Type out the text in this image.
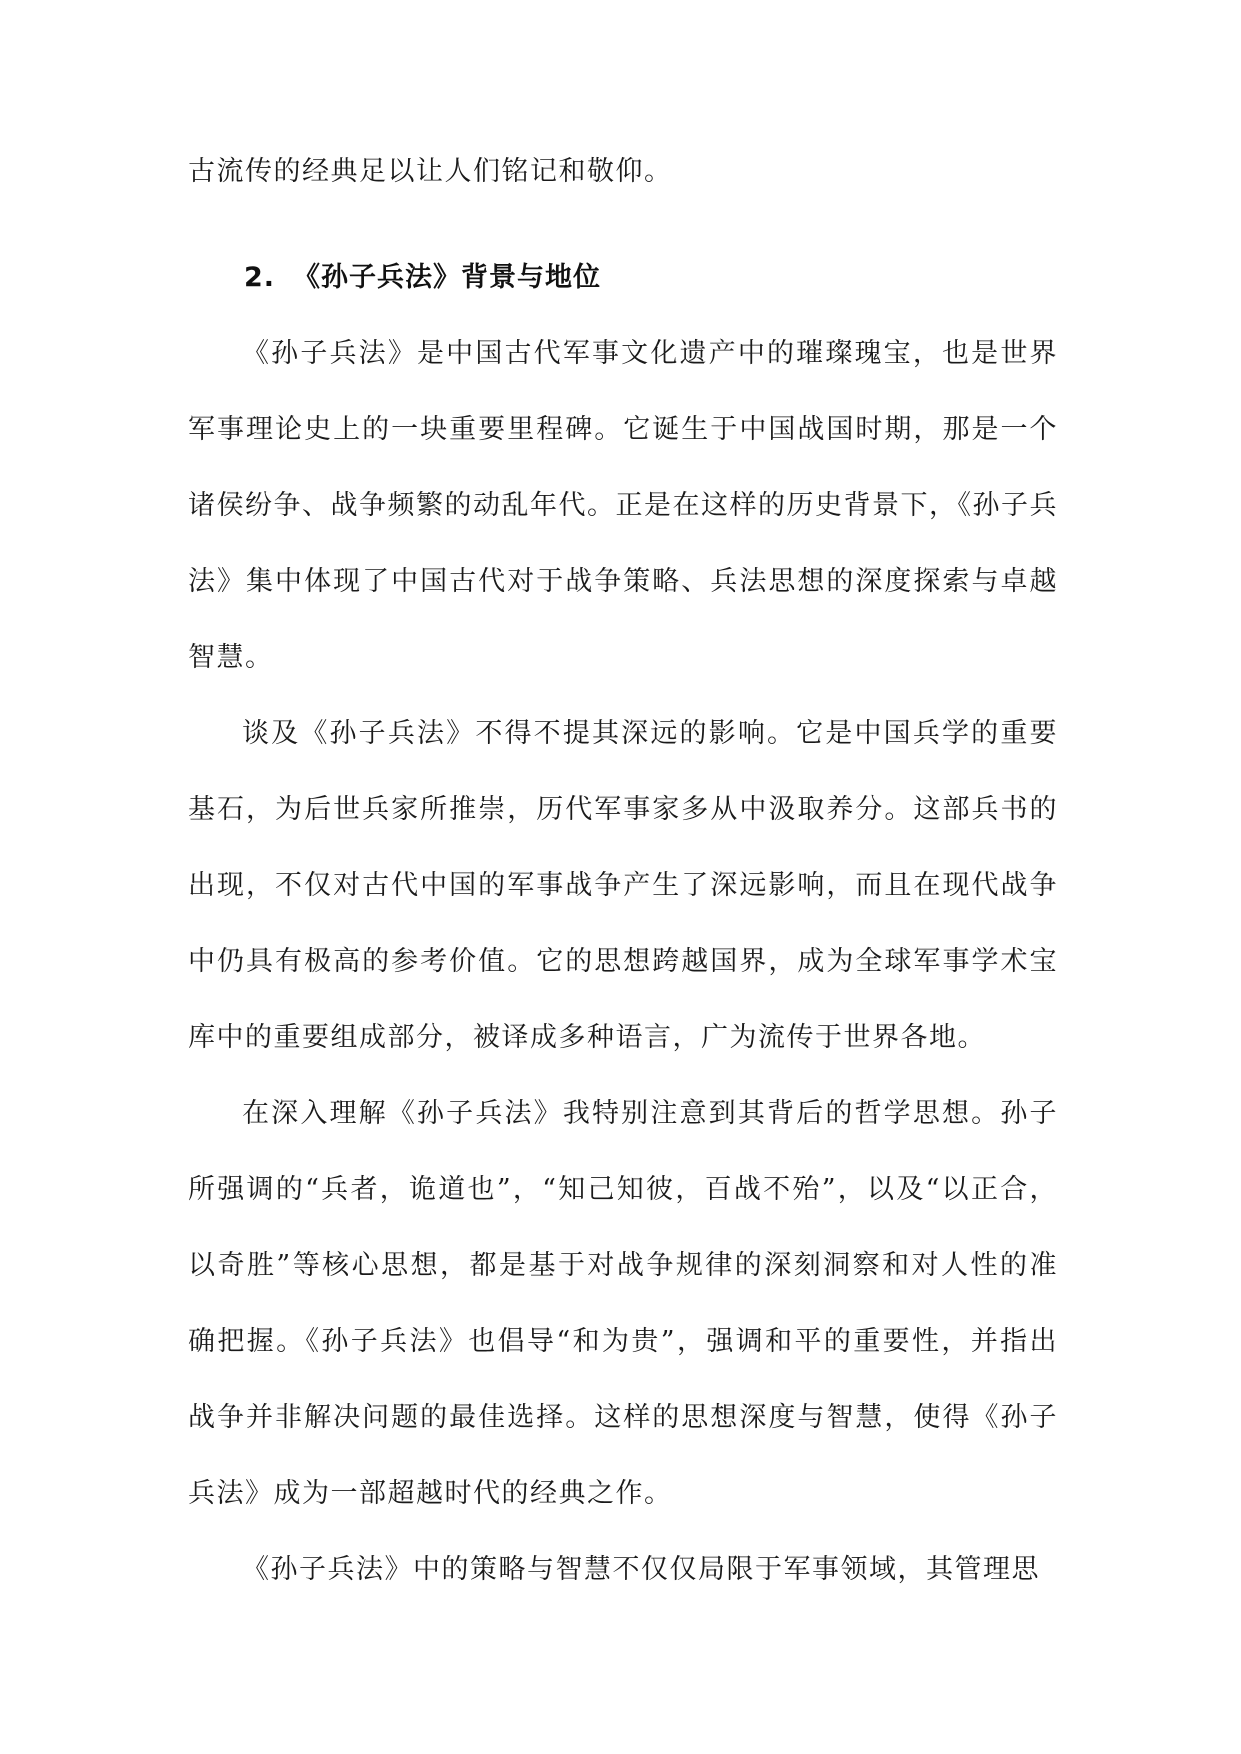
古流传的经典足以让人们铭记和敬仰。
2. 《孙子兵法》背景与地位

《孙子兵法》是中国古代军事文化遗产中的璀璨瑰宝，也是世界军事理论史上的一块重要里程碑。它诞生于中国战国时期，那是一个诸侯纷争、战争频繁的动乱年代。正是在这样的历史背景下，《孙子兵法》集中体现了中国古代对于战争策略、兵法思想的深度探索与卓越智慧。

谈及《孙子兵法》不得不提其深远的影响。它是中国兵学的重要基石，为后世兵家所推崇，历代军事家多从中汲取养分。这部兵书的出现，不仅对古代中国的军事战争产生了深远影响，而且在现代战争中仍具有极高的参考价值。它的思想跨越国界，成为全球军事学术宝库中的重要组成部分，被译成多种语言，广为流传于世界各地。

在深入理解《孙子兵法》我特别注意到其背后的哲学思想。孙子所强调的“兵者，诡道也”，“知己知彼，百战不殆”，以及“以正合，以奇胜”等核心思想，都是基于对战争规律的深刻洞察和对人性的准确把握。《孙子兵法》也倡导“和为贵”，强调和平的重要性，并指出战争并非解决问题的最佳选择。这样的思想深度与智慧，使得《孙子兵法》成为一部超越时代的经典之作。

《孙子兵法》中的策略与智慧不仅仅局限于军事领域，其管理思
